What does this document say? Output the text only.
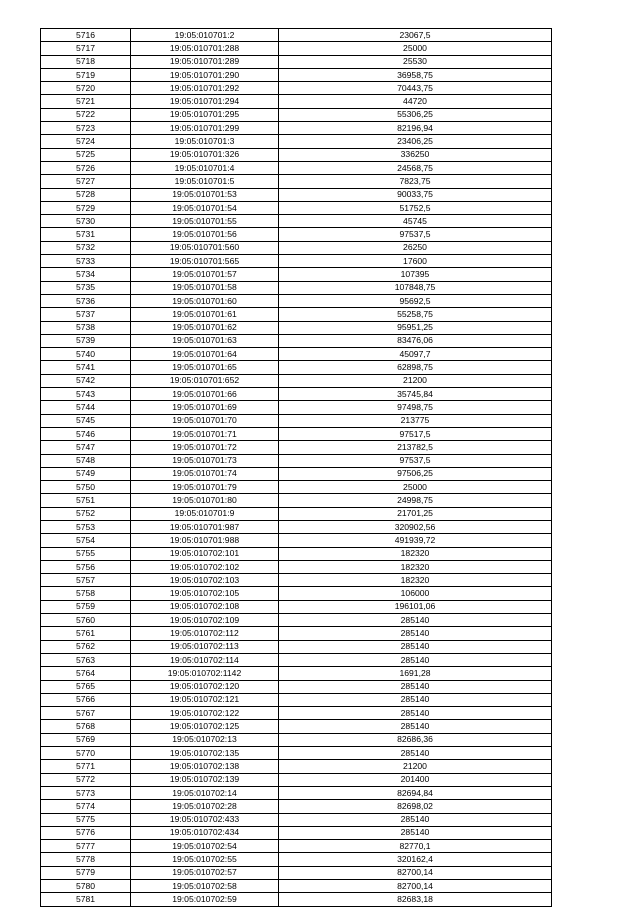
5716	19:05:010701:2	23067,5
5717	19:05:010701:288	25000
5718	19:05:010701:289	25530
5719	19:05:010701:290	36958,75
5720	19:05:010701:292	70443,75
5721	19:05:010701:294	44720
5722	19:05:010701:295	55306,25
5723	19:05:010701:299	82196,94
5724	19:05:010701:3	23406,25
5725	19:05:010701:326	336250
5726	19:05:010701:4	24568,75
5727	19:05:010701:5	7823,75
5728	19:05:010701:53	90033,75
5729	19:05:010701:54	51752,5
5730	19:05:010701:55	45745
5731	19:05:010701:56	97537,5
5732	19:05:010701:560	26250
5733	19:05:010701:565	17600
5734	19:05:010701:57	107395
5735	19:05:010701:58	107848,75
5736	19:05:010701:60	95692,5
5737	19:05:010701:61	55258,75
5738	19:05:010701:62	95951,25
5739	19:05:010701:63	83476,06
5740	19:05:010701:64	45097,7
5741	19:05:010701:65	62898,75
5742	19:05:010701:652	21200
5743	19:05:010701:66	35745,84
5744	19:05:010701:69	97498,75
5745	19:05:010701:70	213775
5746	19:05:010701:71	97517,5
5747	19:05:010701:72	213782,5
5748	19:05:010701:73	97537,5
5749	19:05:010701:74	97506,25
5750	19:05:010701:79	25000
5751	19:05:010701:80	24998,75
5752	19:05:010701:9	21701,25
5753	19:05:010701:987	320902,56
5754	19:05:010701:988	491939,72
5755	19:05:010702:101	182320
5756	19:05:010702:102	182320
5757	19:05:010702:103	182320
5758	19:05:010702:105	106000
5759	19:05:010702:108	196101,06
5760	19:05:010702:109	285140
5761	19:05:010702:112	285140
5762	19:05:010702:113	285140
5763	19:05:010702:114	285140
5764	19:05:010702:1142	1691,28
5765	19:05:010702:120	285140
5766	19:05:010702:121	285140
5767	19:05:010702:122	285140
5768	19:05:010702:125	285140
5769	19:05:010702:13	82686,36
5770	19:05:010702:135	285140
5771	19:05:010702:138	21200
5772	19:05:010702:139	201400
5773	19:05:010702:14	82694,84
5774	19:05:010702:28	82698,02
5775	19:05:010702:433	285140
5776	19:05:010702:434	285140
5777	19:05:010702:54	82770,1
5778	19:05:010702:55	320162,4
5779	19:05:010702:57	82700,14
5780	19:05:010702:58	82700,14
5781	19:05:010702:59	82683,18
